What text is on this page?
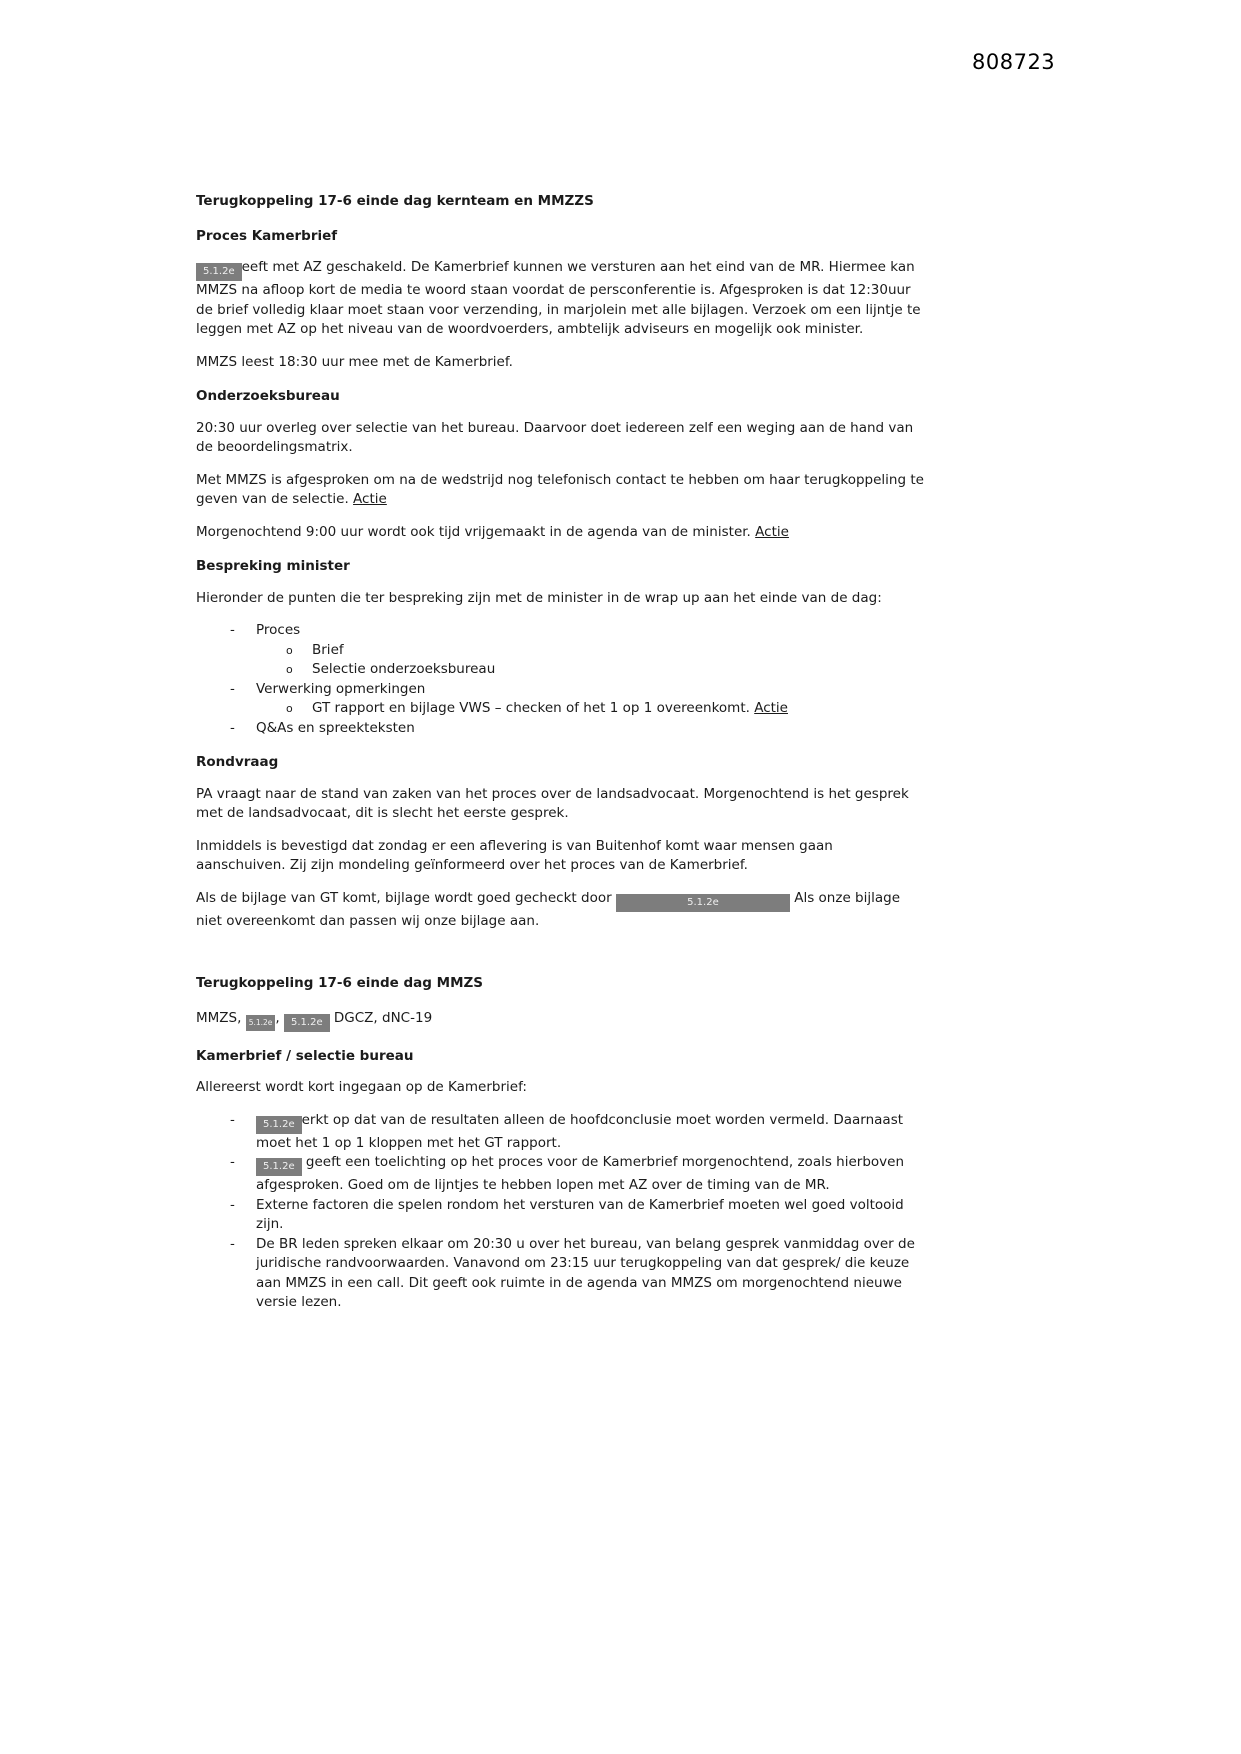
808723
Terugkoppeling 17-6 einde dag kernteam en MMZZS
Proces Kamerbrief

5.1.2e eeft met AZ geschakeld. De Kamerbrief kunnen we versturen aan het eind van de MR. Hiermee kan MMZS na afloop kort de media te woord staan voordat de persconferentie is. Afgesproken is dat 12:30uur de brief volledig klaar moet staan voor verzending, in marjolein met alle bijlagen. Verzoek om een lijntje te leggen met AZ op het niveau van de woordvoerders, ambtelijk adviseurs en mogelijk ook minister.

MMZS leest 18:30 uur mee met de Kamerbrief.

Onderzoeksbureau

20:30 uur overleg over selectie van het bureau. Daarvoor doet iedereen zelf een weging aan de hand van de beoordelingsmatrix.

Met MMZS is afgesproken om na de wedstrijd nog telefonisch contact te hebben om haar terugkoppeling te geven van de selectie. Actie

Morgenochtend 9:00 uur wordt ook tijd vrijgemaakt in de agenda van de minister. Actie

Bespreking minister

Hieronder de punten die ter bespreking zijn met de minister in de wrap up aan het einde van de dag:

-	Proces
o	Brief
o	Selectie onderzoeksbureau
-	Verwerking opmerkingen
o	GT rapport en bijlage VWS – checken of het 1 op 1 overeenkomt. Actie
-	Q&As en spreekteksten
Rondvraag

PA vraagt naar de stand van zaken van het proces over de landsadvocaat. Morgenochtend is het gesprek met de landsadvocaat, dit is slecht het eerste gesprek.

Inmiddels is bevestigd dat zondag er een aflevering is van Buitenhof komt waar mensen gaan aanschuiven. Zij zijn mondeling geïnformeerd over het proces van de Kamerbrief.

Als de bijlage van GT komt, bijlage wordt goed gecheckt door	5.1.2e	Als onze bijlage niet overeenkomt dan passen wij onze bijlage aan.

Terugkoppeling 17-6 einde dag MMZS

MMZS, 5.1.2e , 5.1.2e DGCZ, dNC-19

Kamerbrief / selectie bureau

Allereerst wordt kort ingegaan op de Kamerbrief:

-	5.1.2e erkt op dat van de resultaten alleen de hoofdconclusie moet worden vermeld. Daarnaast moet het 1 op 1 kloppen met het GT rapport.
-	5.1.2e geeft een toelichting op het proces voor de Kamerbrief morgenochtend, zoals hierboven afgesproken. Goed om de lijntjes te hebben lopen met AZ over de timing van de MR.
-	Externe factoren die spelen rondom het versturen van de Kamerbrief moeten wel goed voltooid zijn.
-	De BR leden spreken elkaar om 20:30 u over het bureau, van belang gesprek vanmiddag over de juridische randvoorwaarden. Vanavond om 23:15 uur terugkoppeling van dat gesprek/ die keuze aan MMZS in een call. Dit geeft ook ruimte in de agenda van MMZS om morgenochtend nieuwe versie lezen.
